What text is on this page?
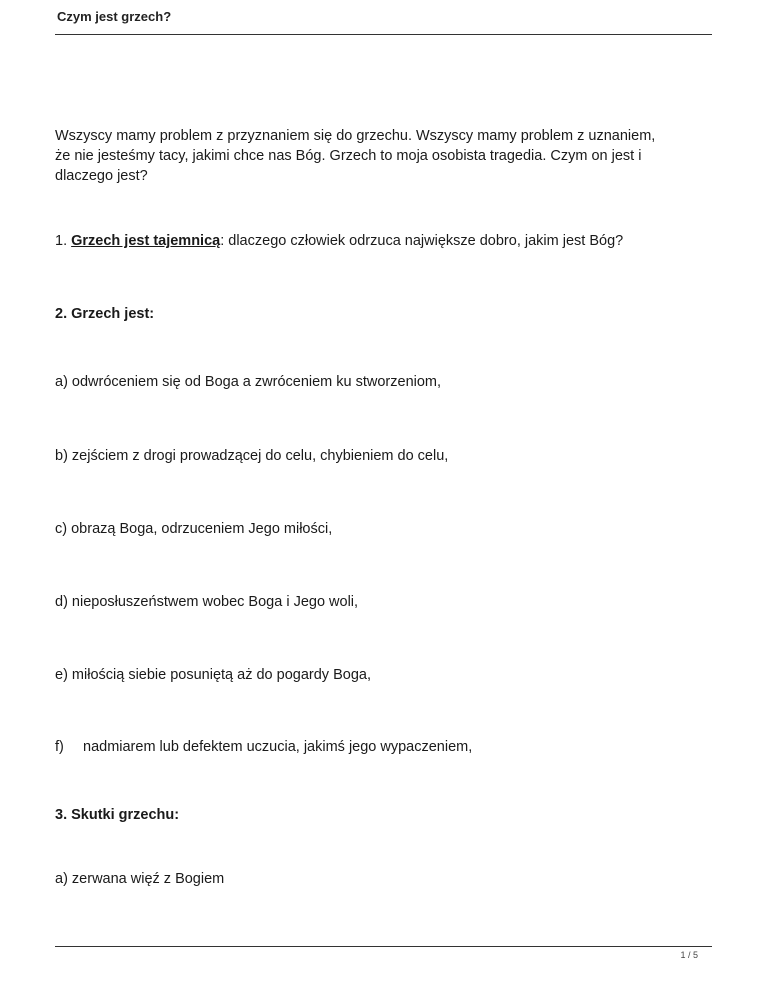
Czym jest grzech?
Wszyscy mamy problem z przyznaniem się do grzechu. Wszyscy mamy problem z uznaniem,
że nie jesteśmy tacy, jakimi chce nas Bóg. Grzech to moja osobista tragedia. Czym on jest i
dlaczego jest?
1. Grzech jest tajemnicą: dlaczego człowiek odrzuca największe dobro, jakim jest Bóg?
2. Grzech jest:
a) odwróceniem się od Boga a zwróceniem ku stworzeniom,
b) zejściem z drogi prowadzącej do celu, chybieniem do celu,
c) obrazą Boga, odrzuceniem Jego miłości,
d) nieposłuszeństwem wobec Boga i Jego woli,
e) miłością siebie posuniętą aż do pogardy Boga,
f) nadmiarem lub defektem uczucia, jakimś jego wypaczeniem,
3. Skutki grzechu:
a) zerwana więź z Bogiem
1 / 5
